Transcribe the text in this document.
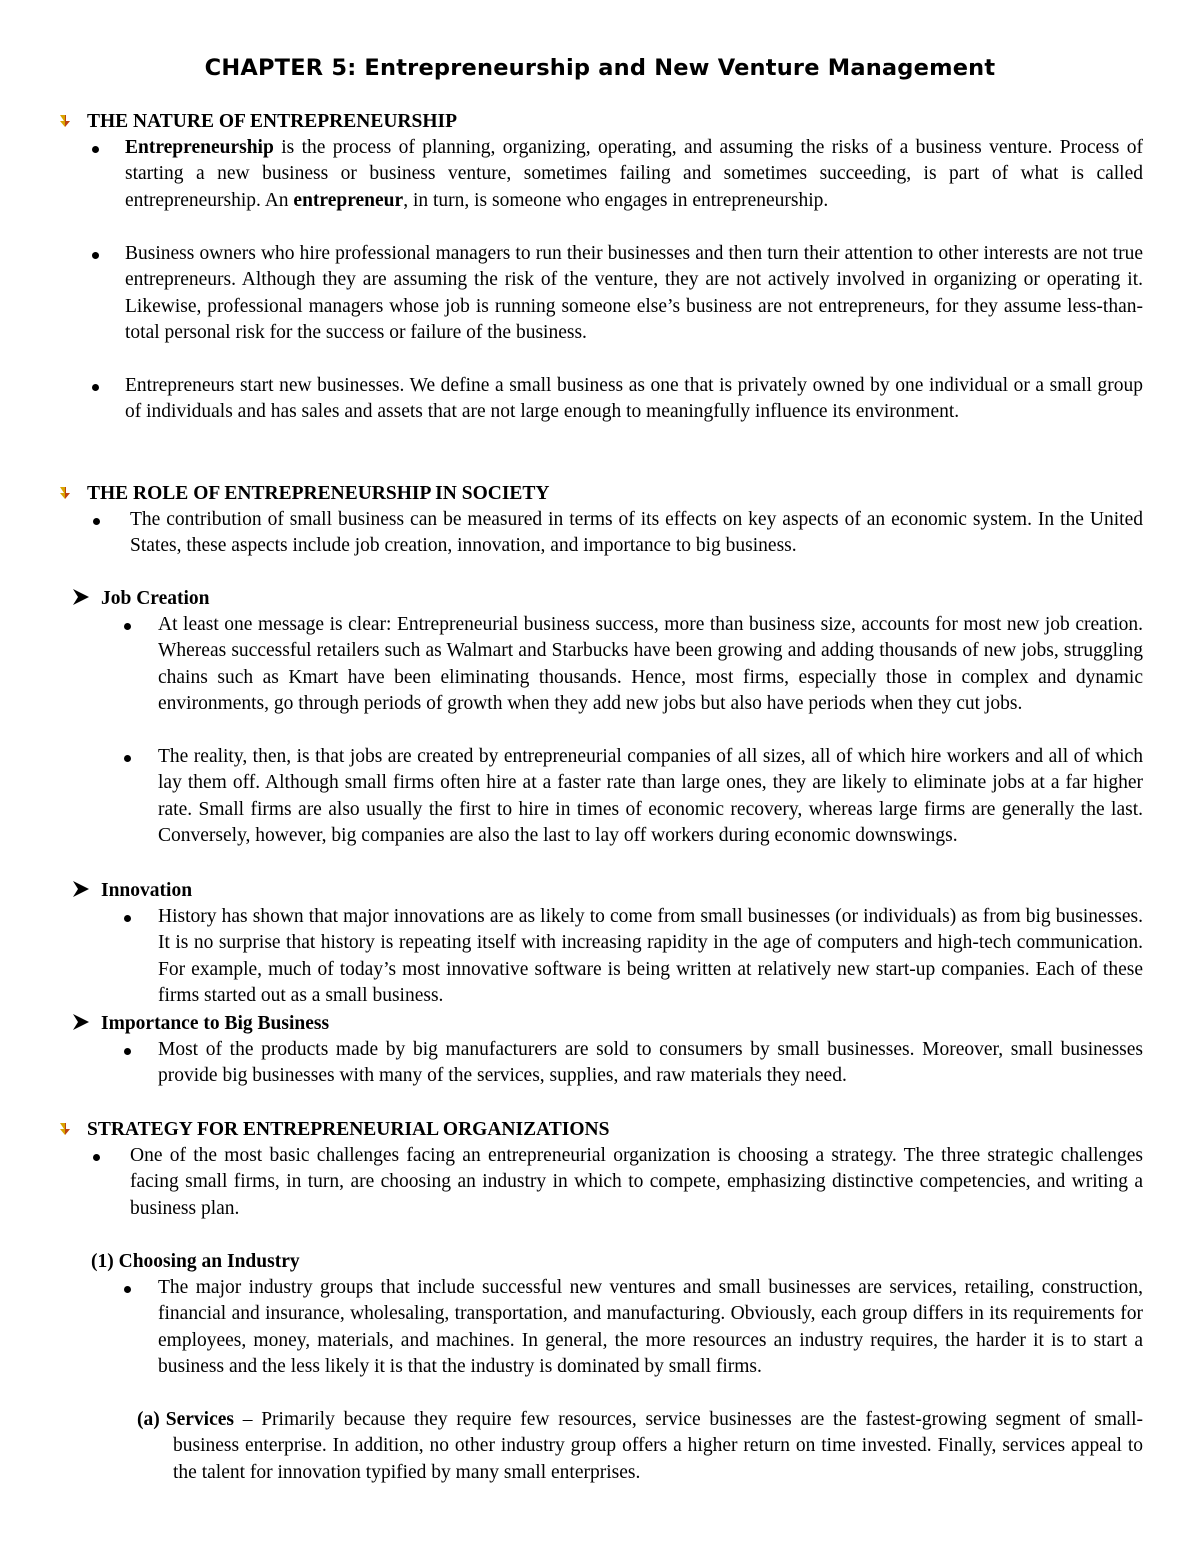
CHAPTER 5: Entrepreneurship and New Venture Management
THE NATURE OF ENTREPRENEURSHIP
Entrepreneurship is the process of planning, organizing, operating, and assuming the risks of a business venture. Process of starting a new business or business venture, sometimes failing and sometimes succeeding, is part of what is called entrepreneurship. An entrepreneur, in turn, is someone who engages in entrepreneurship.
Business owners who hire professional managers to run their businesses and then turn their attention to other interests are not true entrepreneurs. Although they are assuming the risk of the venture, they are not actively involved in organizing or operating it. Likewise, professional managers whose job is running someone else’s business are not entrepreneurs, for they assume less-than-total personal risk for the success or failure of the business.
Entrepreneurs start new businesses. We define a small business as one that is privately owned by one individual or a small group of individuals and has sales and assets that are not large enough to meaningfully influence its environment.
THE ROLE OF ENTREPRENEURSHIP IN SOCIETY
The contribution of small business can be measured in terms of its effects on key aspects of an economic system. In the United States, these aspects include job creation, innovation, and importance to big business.
Job Creation
At least one message is clear: Entrepreneurial business success, more than business size, accounts for most new job creation. Whereas successful retailers such as Walmart and Starbucks have been growing and adding thousands of new jobs, struggling chains such as Kmart have been eliminating thousands. Hence, most firms, especially those in complex and dynamic environments, go through periods of growth when they add new jobs but also have periods when they cut jobs.
The reality, then, is that jobs are created by entrepreneurial companies of all sizes, all of which hire workers and all of which lay them off. Although small firms often hire at a faster rate than large ones, they are likely to eliminate jobs at a far higher rate. Small firms are also usually the first to hire in times of economic recovery, whereas large firms are generally the last. Conversely, however, big companies are also the last to lay off workers during economic downswings.
Innovation
History has shown that major innovations are as likely to come from small businesses (or individuals) as from big businesses. It is no surprise that history is repeating itself with increasing rapidity in the age of computers and high-tech communication. For example, much of today’s most innovative software is being written at relatively new start-up companies. Each of these firms started out as a small business.
Importance to Big Business
Most of the products made by big manufacturers are sold to consumers by small businesses. Moreover, small businesses provide big businesses with many of the services, supplies, and raw materials they need.
STRATEGY FOR ENTREPRENEURIAL ORGANIZATIONS
One of the most basic challenges facing an entrepreneurial organization is choosing a strategy. The three strategic challenges facing small firms, in turn, are choosing an industry in which to compete, emphasizing distinctive competencies, and writing a business plan.
(1) Choosing an Industry
The major industry groups that include successful new ventures and small businesses are services, retailing, construction, financial and insurance, wholesaling, transportation, and manufacturing. Obviously, each group differs in its requirements for employees, money, materials, and machines. In general, the more resources an industry requires, the harder it is to start a business and the less likely it is that the industry is dominated by small firms.
(a) Services – Primarily because they require few resources, service businesses are the fastest-growing segment of small-business enterprise. In addition, no other industry group offers a higher return on time invested. Finally, services appeal to the talent for innovation typified by many small enterprises.
